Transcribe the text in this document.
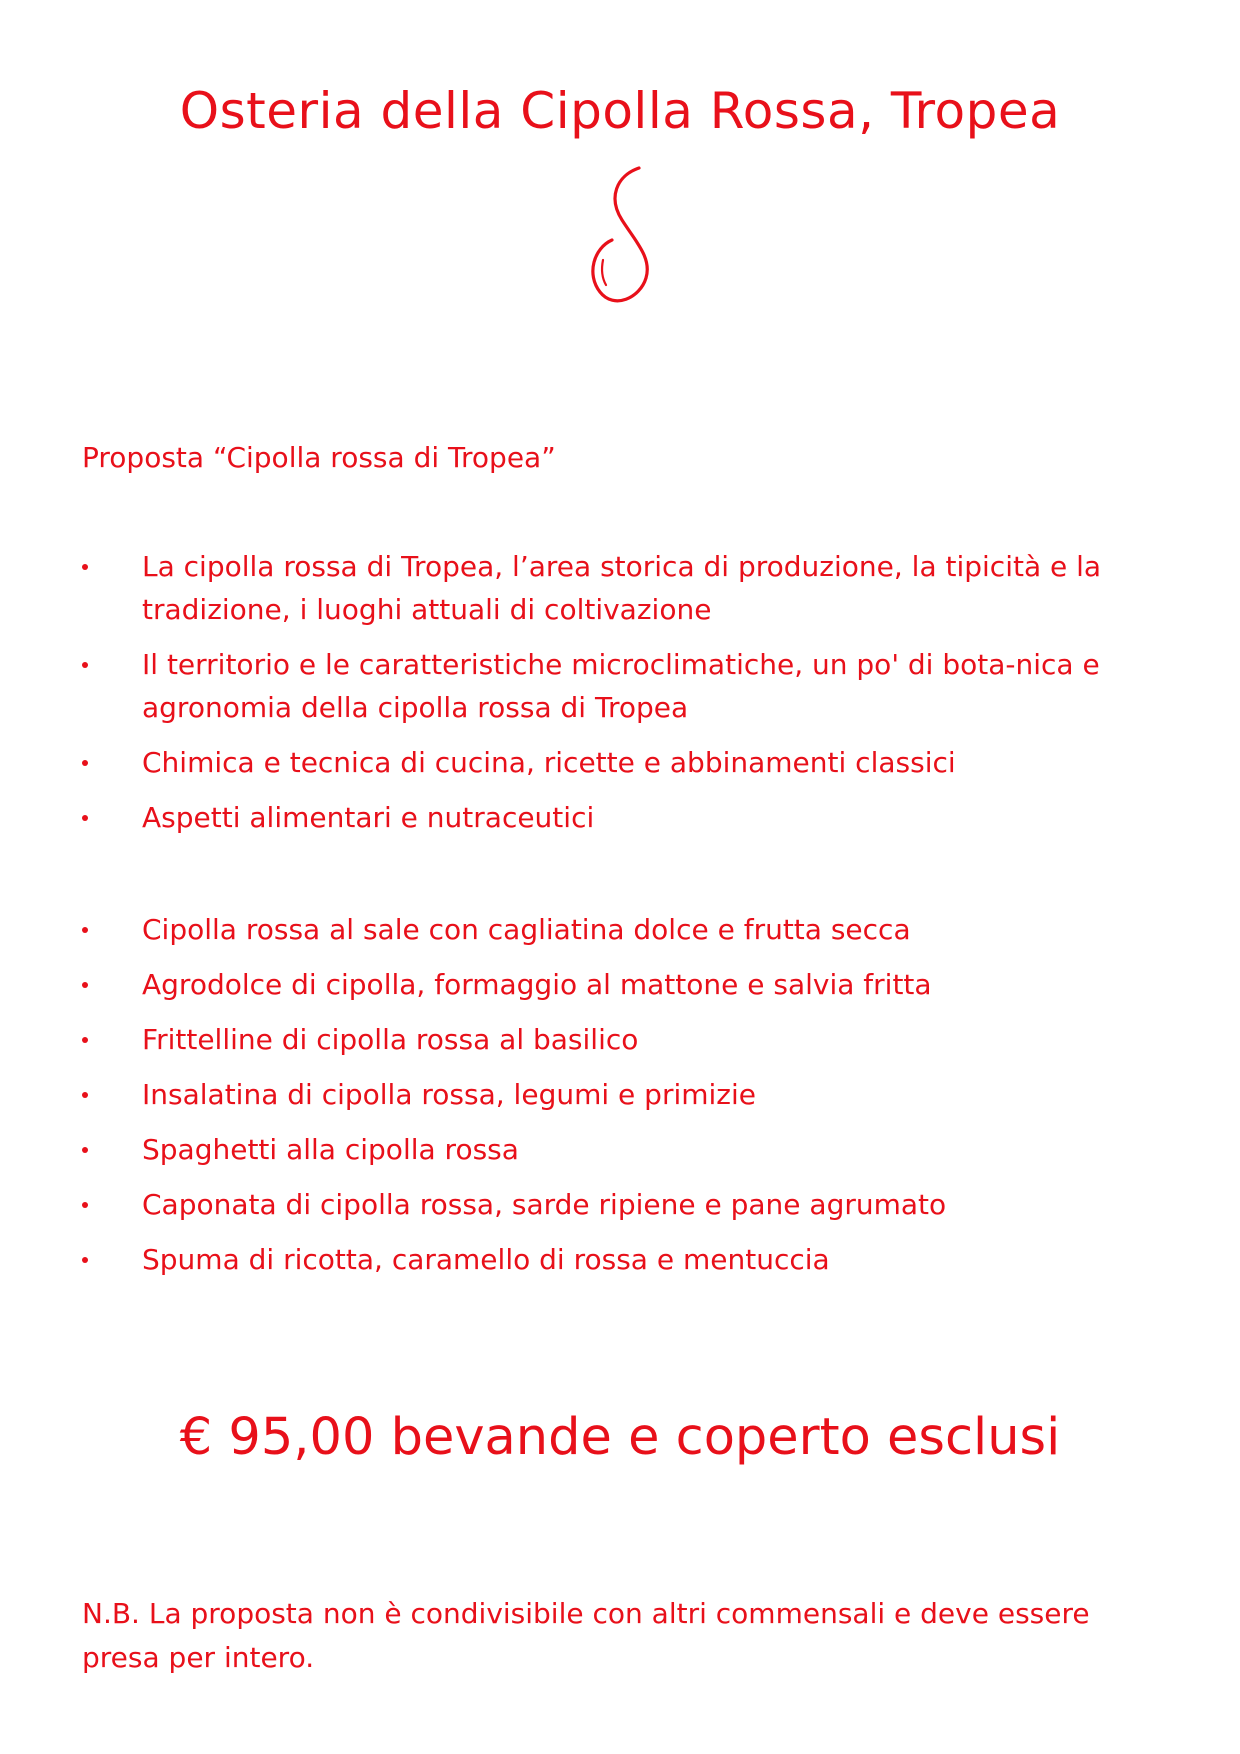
Osteria della Cipolla Rossa, Tropea

Proposta “Cipolla rossa di Tropea”

La cipolla rossa di Tropea, l’area storica di produzione, la tipicità e la tradizione, i luoghi attuali di coltivazione
Il territorio e le caratteristiche microclimatiche, un po' di bota-nica e agronomia della cipolla rossa di Tropea
Chimica e tecnica di cucina, ricette e abbinamenti classici
Aspetti alimentari e nutraceutici
Cipolla rossa al sale con cagliatina dolce e frutta secca
Agrodolce di cipolla, formaggio al mattone e salvia fritta
Frittelline di cipolla rossa al basilico
Insalatina di cipolla rossa, legumi e primizie
Spaghetti alla cipolla rossa
Caponata di cipolla rossa, sarde ripiene e pane agrumato
Spuma di ricotta, caramello di rossa e mentuccia

€ 95,00 bevande e coperto esclusi

N.B. La proposta non è condivisibile con altri commensali e deve essere presa per intero.
